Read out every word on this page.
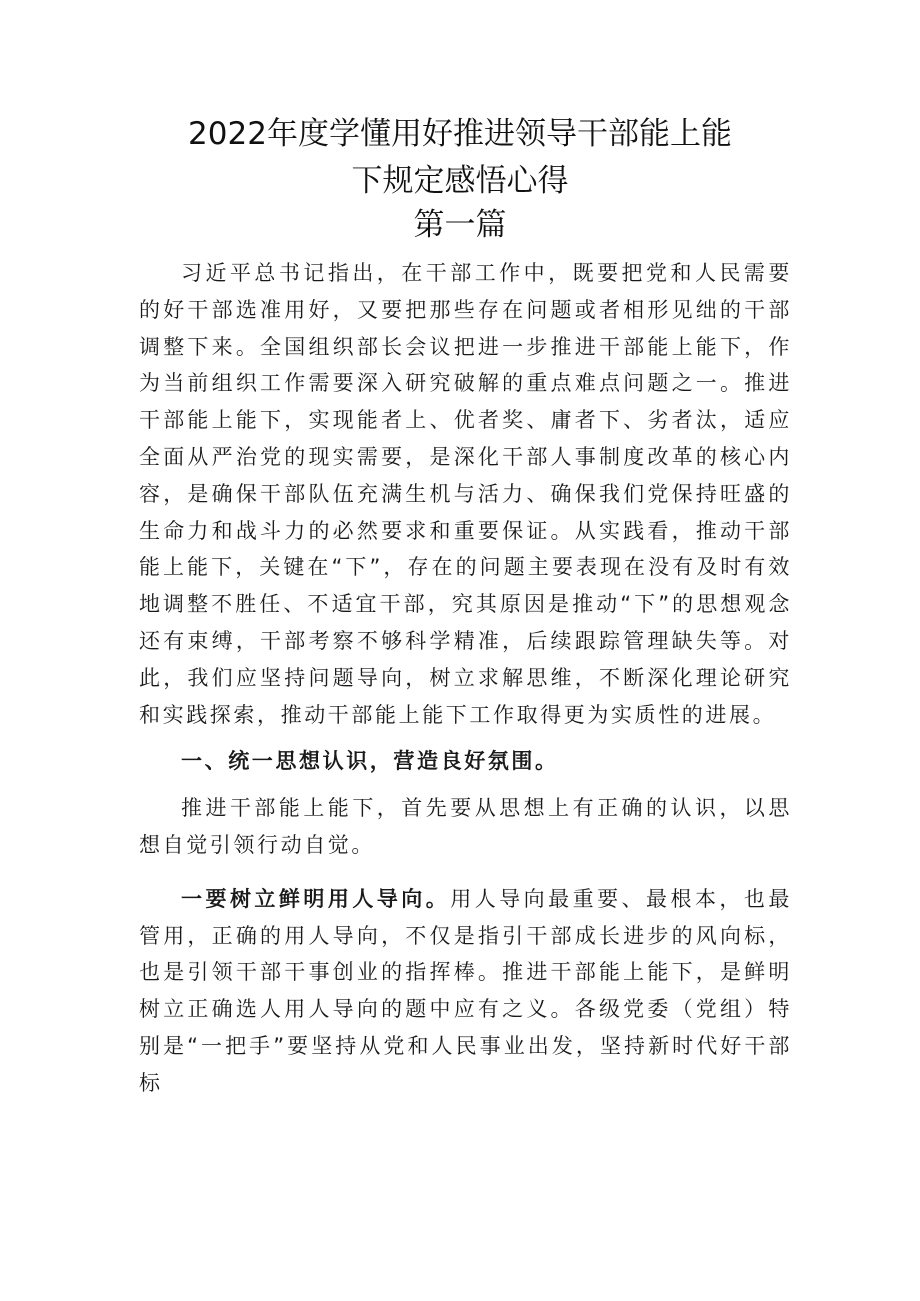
2022年度学懂用好推进领导干部能上能
下规定感悟心得
第一篇

习近平总书记指出，在干部工作中，既要把党和人民需要的好干部选准用好，又要把那些存在问题或者相形见绌的干部调整下来。全国组织部长会议把进一步推进干部能上能下，作为当前组织工作需要深入研究破解的重点难点问题之一。推进干部能上能下，实现能者上、优者奖、庸者下、劣者汰，适应全面从严治党的现实需要，是深化干部人事制度改革的核心内容，是确保干部队伍充满生机与活力、确保我们党保持旺盛的生命力和战斗力的必然要求和重要保证。从实践看，推动干部能上能下，关键在“下”，存在的问题主要表现在没有及时有效地调整不胜任、不适宜干部，究其原因是推动“下”的思想观念还有束缚，干部考察不够科学精准，后续跟踪管理缺失等。对此，我们应坚持问题导向，树立求解思维，不断深化理论研究和实践探索，推动干部能上能下工作取得更为实质性的进展。

一、统一思想认识，营造良好氛围。

推进干部能上能下，首先要从思想上有正确的认识，以思想自觉引领行动自觉。

一要树立鲜明用人导向。用人导向最重要、最根本，也最管用，正确的用人导向，不仅是指引干部成长进步的风向标，也是引领干部干事创业的指挥棒。推进干部能上能下，是鲜明树立正确选人用人导向的题中应有之义。各级党委（党组）特别是“一把手”要坚持从党和人民事业出发，坚持新时代好干部标
